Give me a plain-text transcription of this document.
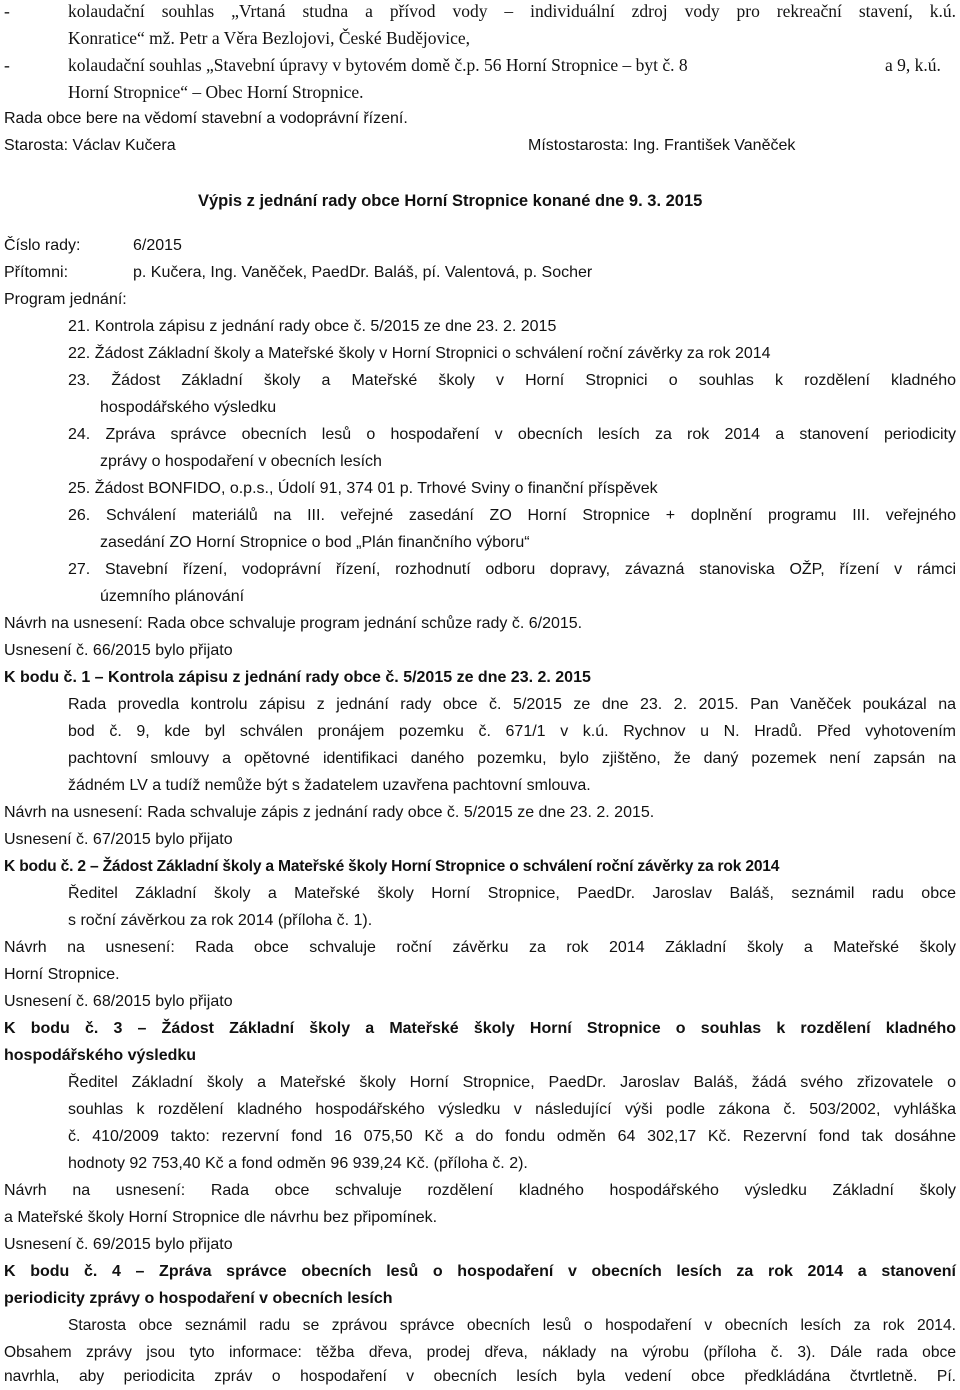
-	kolaudační souhlas „Vrtaná studna a přívod vody – individuální zdroj vody pro rekreační stavení, k.ú.
Konratice“ mž. Petr a Věra Bezlojovi, České Budějovice,
-	kolaudační souhlas „Stavební úpravy v bytovém domě č.p. 56 Horní Stropnice – byt č. 8	a 9, k.ú.
Horní Stropnice“ – Obec Horní Stropnice.
Rada obce bere na vědomí stavební a vodoprávní řízení.
Starosta: Václav Kučera	Místostarosta: Ing. František Vaněček
Výpis z jednání rady obce Horní Stropnice konané dne 9. 3. 2015
Číslo rady:	6/2015
Přítomni:	p. Kučera, Ing. Vaněček, PaedDr. Baláš, pí. Valentová, p. Socher
Program jednání:
21. Kontrola zápisu z jednání rady obce č. 5/2015 ze dne 23. 2. 2015
22. Žádost Základní školy a Mateřské školy v Horní Stropnici o schválení roční závěrky za rok 2014
23. Žádost Základní školy a Mateřské školy v Horní Stropnici o souhlas k rozdělení kladného
hospodářského výsledku
24. Zpráva správce obecních lesů o hospodaření v obecních lesích za rok 2014 a stanovení periodicity
zprávy o hospodaření v obecních lesích
25. Žádost BONFIDO, o.p.s., Údolí 91, 374 01 p. Trhové Sviny o finanční příspěvek
26. Schválení materiálů na III. veřejné zasedání ZO Horní Stropnice + doplnění programu III. veřejného
zasedání ZO Horní Stropnice o bod „Plán finančního výboru“
27. Stavební řízení, vodoprávní řízení, rozhodnutí odboru dopravy, závazná stanoviska OŽP, řízení v rámci
územního plánování
Návrh na usnesení: Rada obce schvaluje program jednání schůze rady č. 6/2015.
Usnesení č. 66/2015 bylo přijato
K bodu č. 1 – Kontrola zápisu z jednání rady obce č. 5/2015 ze dne 23. 2. 2015
Rada provedla kontrolu zápisu z jednání rady obce č. 5/2015 ze dne 23. 2. 2015. Pan Vaněček poukázal na
bod č. 9, kde byl schválen pronájem pozemku č. 671/1 v k.ú. Rychnov u N. Hradů. Před vyhotovením
pachtovní smlouvy a opětovné identifikaci daného pozemku, bylo zjištěno, že daný pozemek není zapsán na
žádném LV a tudíž nemůže být s žadatelem uzavřena pachtovní smlouva.
Návrh na usnesení: Rada schvaluje zápis z jednání rady obce č. 5/2015 ze dne 23. 2. 2015.
Usnesení č. 67/2015 bylo přijato
K bodu č. 2 – Žádost Základní školy a Mateřské školy Horní Stropnice o schválení roční závěrky za rok 2014
Ředitel Základní školy a Mateřské školy Horní Stropnice, PaedDr. Jaroslav Baláš, seznámil radu obce
s roční závěrkou za rok 2014 (příloha č. 1).
Návrh na usnesení: Rada obce schvaluje roční závěrku za rok 2014 Základní školy a Mateřské školy
Horní Stropnice.
Usnesení č. 68/2015 bylo přijato
K bodu č. 3 – Žádost Základní školy a Mateřské školy Horní Stropnice o souhlas k rozdělení kladného
hospodářského výsledku
Ředitel Základní školy a Mateřské školy Horní Stropnice, PaedDr. Jaroslav Baláš, žádá svého zřizovatele o
souhlas k rozdělení kladného hospodářského výsledku v následující výši podle zákona č. 503/2002, vyhláška
č. 410/2009 takto: rezervní fond 16 075,50 Kč a do fondu odměn 64 302,17 Kč. Rezervní fond tak dosáhne
hodnoty 92 753,40 Kč a fond odměn 96 939,24 Kč. (příloha č. 2).
Návrh na usnesení: Rada obce schvaluje rozdělení kladného hospodářského výsledku Základní školy
a Mateřské školy Horní Stropnice dle návrhu bez připomínek.
Usnesení č. 69/2015 bylo přijato
K bodu č. 4 – Zpráva správce obecních lesů o hospodaření v obecních lesích za rok 2014 a stanovení
periodicity zprávy o hospodaření v obecních lesích
Starosta obce seznámil radu se zprávou správce obecních lesů o hospodaření v obecních lesích za rok 2014.
Obsahem zprávy jsou tyto informace: těžba dřeva, prodej dřeva, náklady na výrobu (příloha č. 3). Dále rada obce
navrhla, aby periodicita zpráv o hospodaření v obecních lesích byla vedení obce předkládána čtvrtletně. Pí.
